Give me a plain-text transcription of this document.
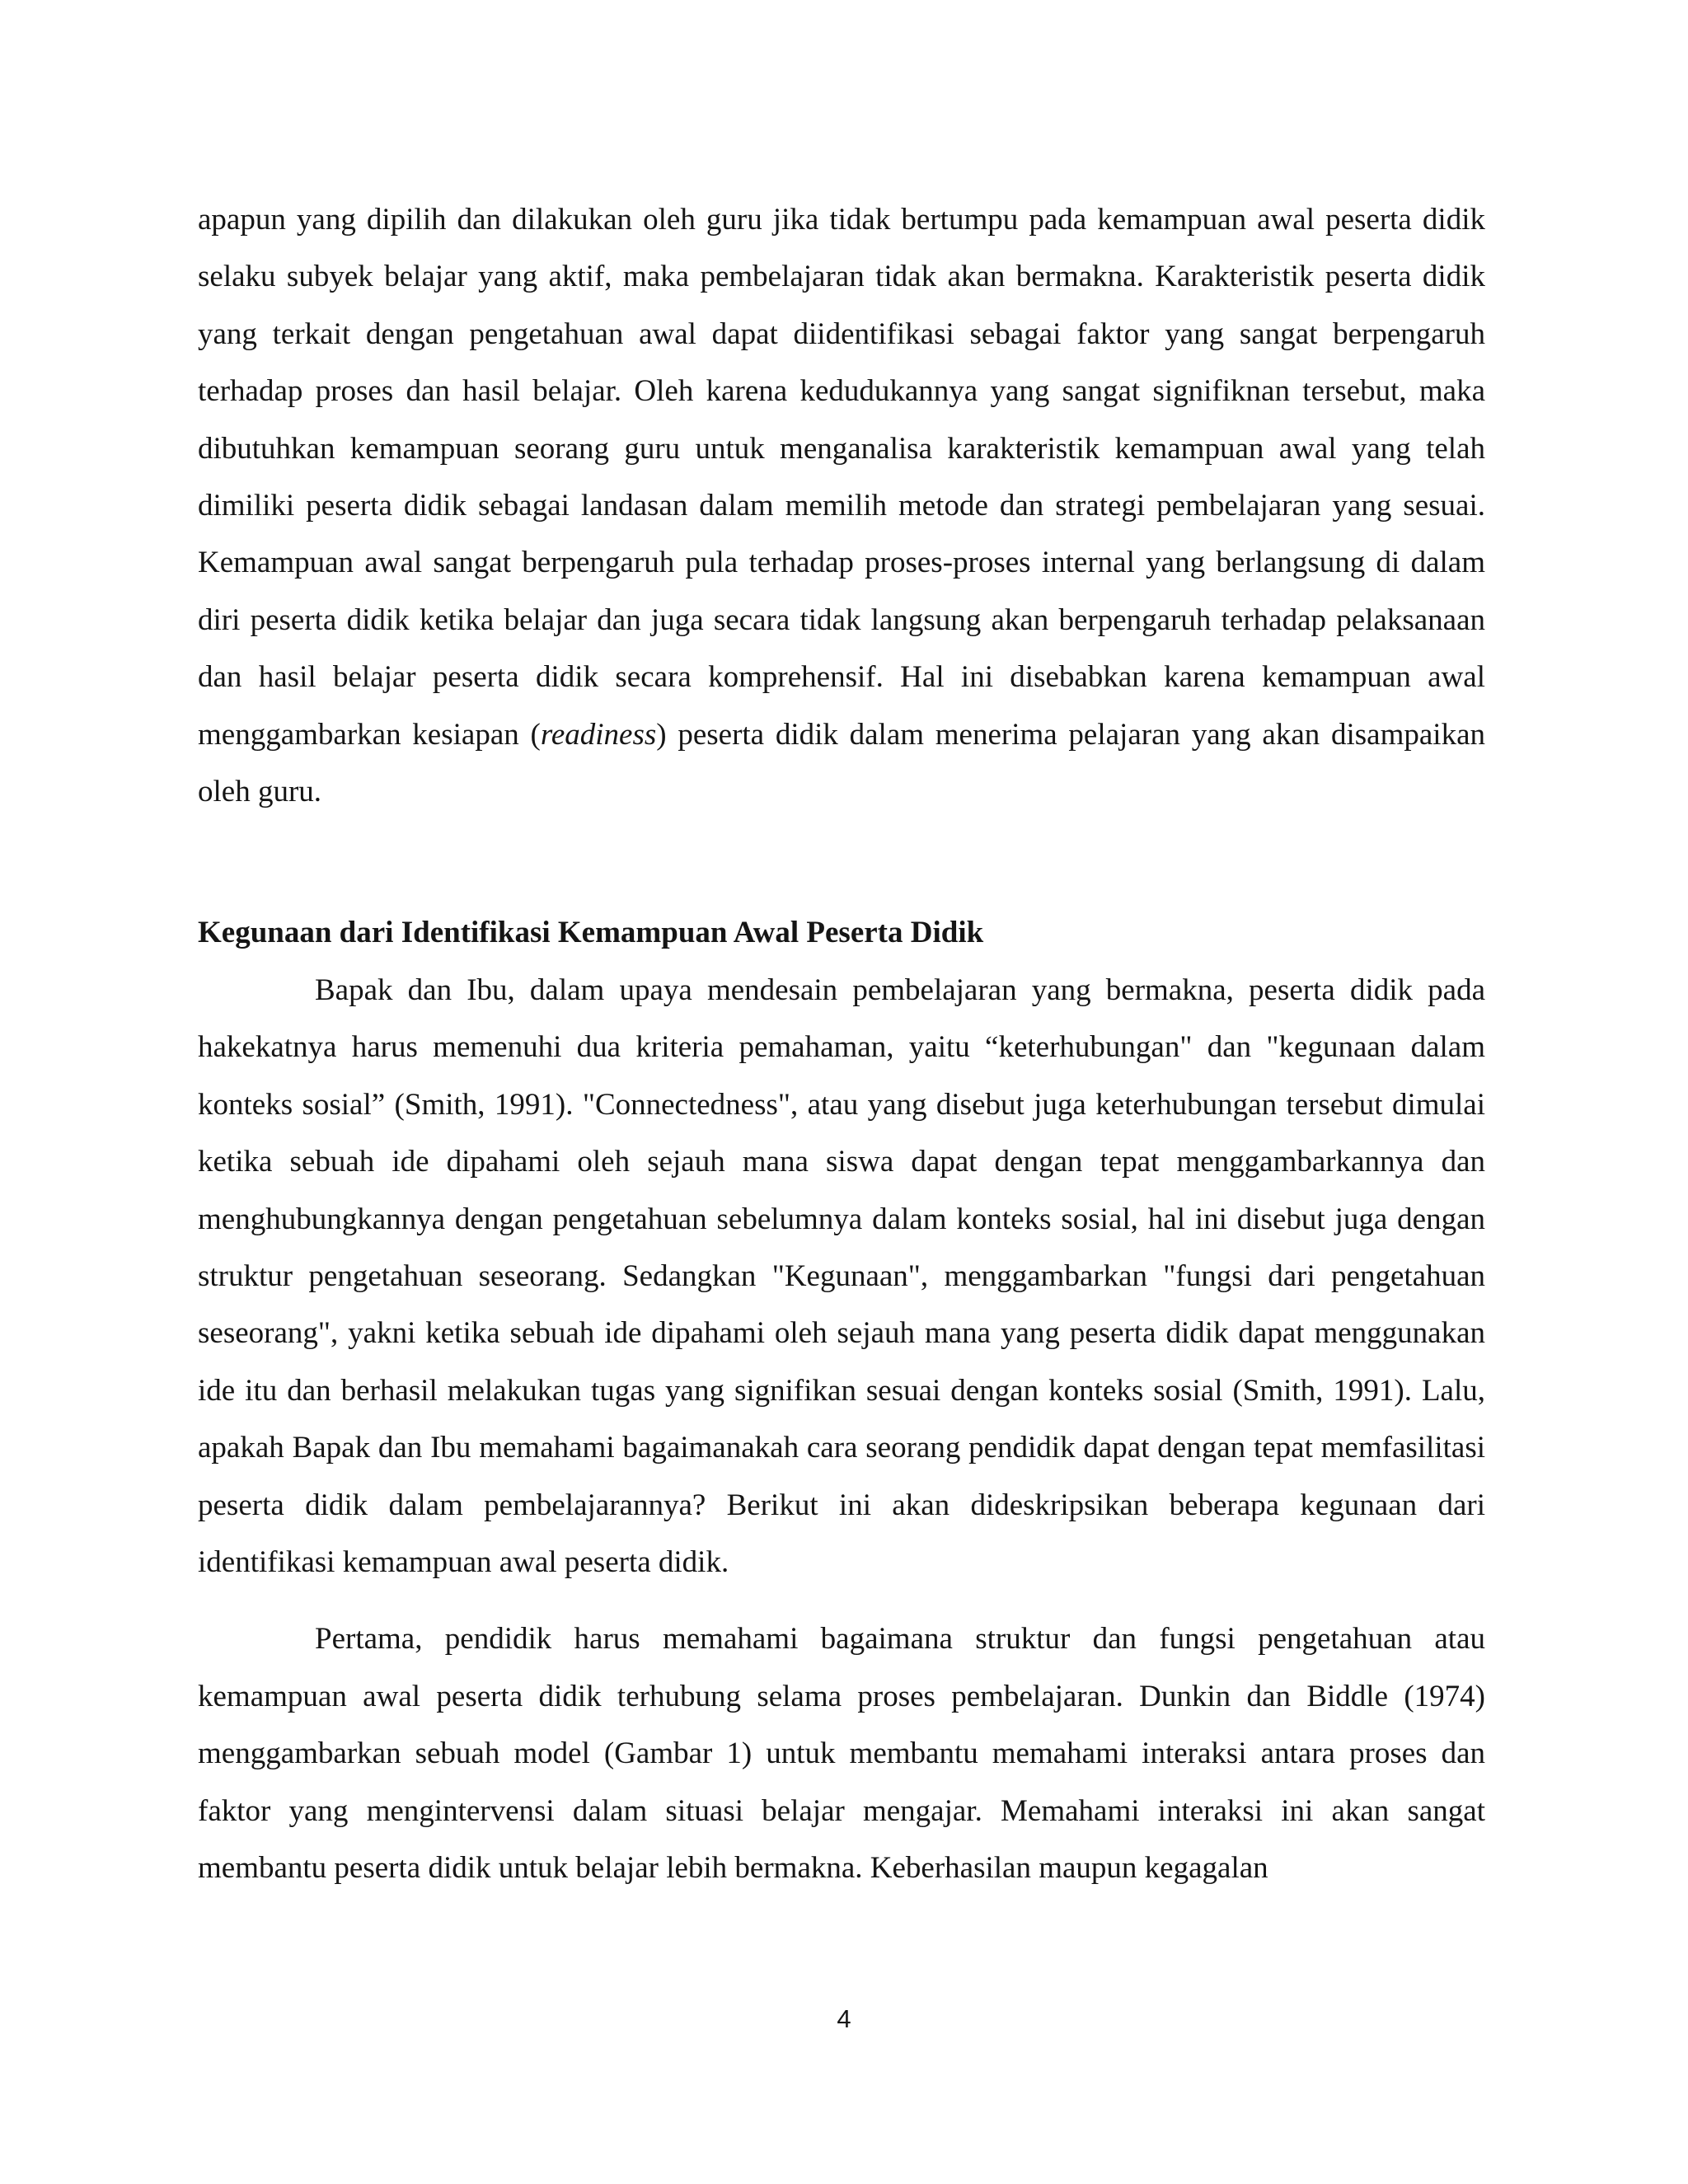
apapun yang dipilih dan dilakukan oleh guru jika tidak bertumpu pada kemampuan awal peserta didik selaku subyek belajar yang aktif, maka pembelajaran tidak akan bermakna. Karakteristik peserta didik yang terkait dengan pengetahuan awal dapat diidentifikasi sebagai faktor yang sangat berpengaruh terhadap proses dan hasil belajar. Oleh karena kedudukannya yang sangat signifiknan tersebut, maka dibutuhkan kemampuan seorang guru untuk menganalisa karakteristik kemampuan awal yang telah dimiliki peserta didik sebagai landasan dalam memilih metode dan strategi pembelajaran yang sesuai. Kemampuan awal sangat berpengaruh pula terhadap proses-proses internal yang berlangsung di dalam diri peserta didik ketika belajar dan juga secara tidak langsung akan berpengaruh terhadap pelaksanaan dan hasil belajar peserta didik secara komprehensif. Hal ini disebabkan karena kemampuan awal menggambarkan kesiapan (readiness) peserta didik dalam menerima pelajaran yang akan disampaikan oleh guru.

Kegunaan dari Identifikasi Kemampuan Awal Peserta Didik

Bapak dan Ibu, dalam upaya mendesain pembelajaran yang bermakna, peserta didik pada hakekatnya harus memenuhi dua kriteria pemahaman, yaitu “keterhubungan" dan "kegunaan dalam konteks sosial” (Smith, 1991). "Connectedness", atau yang disebut juga keterhubungan tersebut dimulai ketika sebuah ide dipahami oleh sejauh mana siswa dapat dengan tepat menggambarkannya dan menghubungkannya dengan pengetahuan sebelumnya dalam konteks sosial, hal ini disebut juga dengan struktur pengetahuan seseorang. Sedangkan "Kegunaan", menggambarkan "fungsi dari pengetahuan seseorang", yakni ketika sebuah ide dipahami oleh sejauh mana yang peserta didik dapat menggunakan ide itu dan berhasil melakukan tugas yang signifikan sesuai dengan konteks sosial (Smith, 1991). Lalu, apakah Bapak dan Ibu memahami bagaimanakah cara seorang pendidik dapat dengan tepat memfasilitasi peserta didik dalam pembelajarannya? Berikut ini akan dideskripsikan beberapa kegunaan dari identifikasi kemampuan awal peserta didik.

Pertama, pendidik harus memahami bagaimana struktur dan fungsi pengetahuan atau kemampuan awal peserta didik terhubung selama proses pembelajaran. Dunkin dan Biddle (1974) menggambarkan sebuah model (Gambar 1) untuk membantu memahami interaksi antara proses dan faktor yang mengintervensi dalam situasi belajar mengajar. Memahami interaksi ini akan sangat membantu peserta didik untuk belajar lebih bermakna. Keberhasilan maupun kegagalan

4
